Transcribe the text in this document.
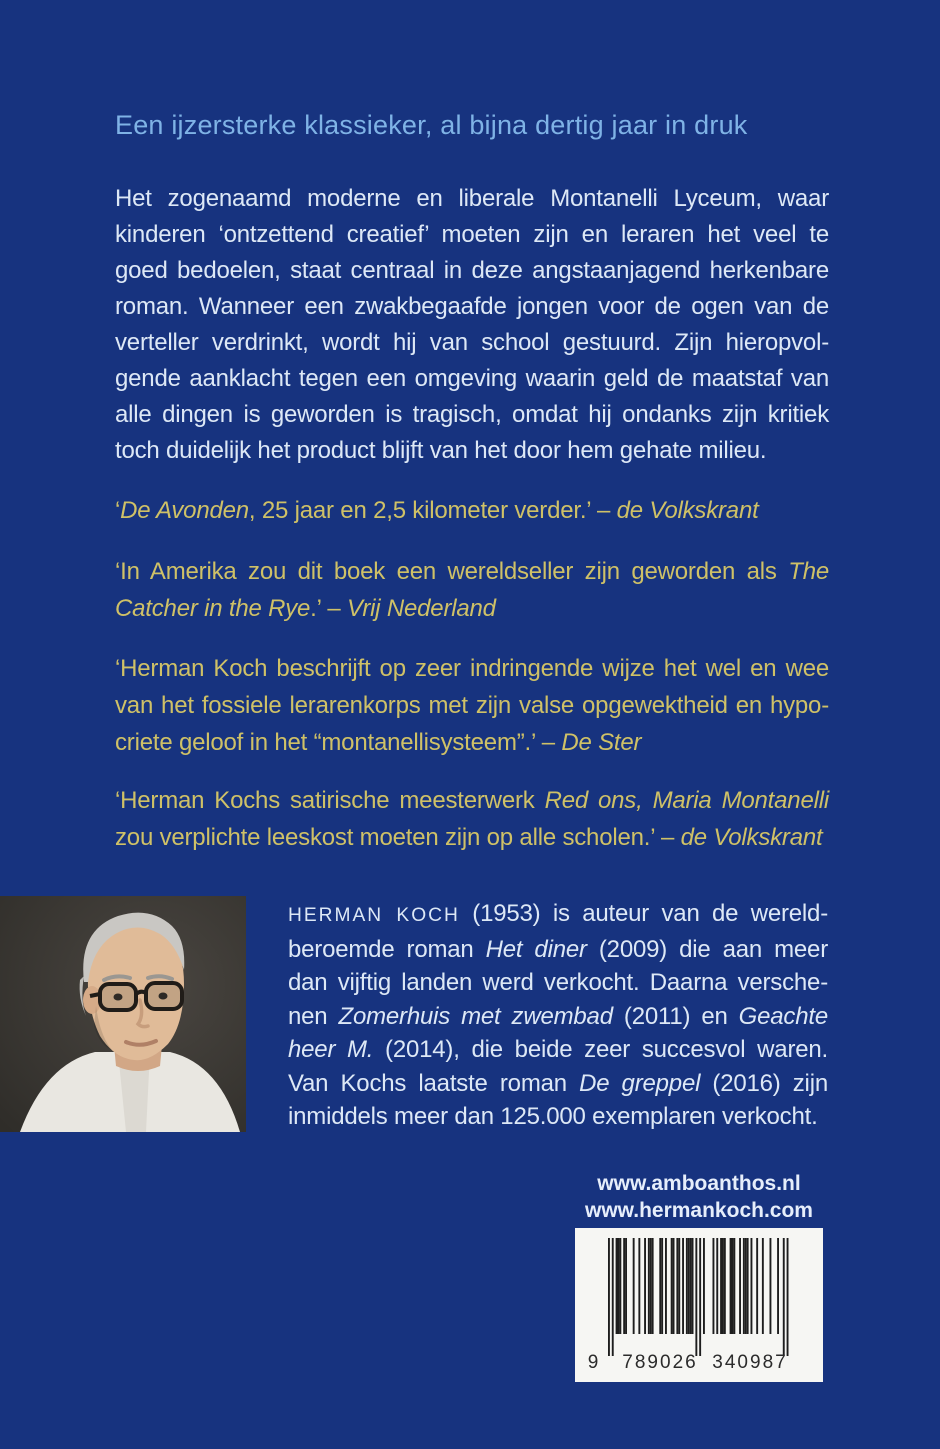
Een ijzersterke klassieker, al bijna dertig jaar in druk
Het zogenaamd moderne en liberale Montanelli Lyceum, waar
kinderen ‘ontzettend creatief’ moeten zijn en leraren het veel te
goed bedoelen, staat centraal in deze angstaanjagend herkenbare
roman. Wanneer een zwakbegaafde jongen voor de ogen van de
verteller verdrinkt, wordt hij van school gestuurd. Zijn hieropvol-
gende aanklacht tegen een omgeving waarin geld de maatstaf van
alle dingen is geworden is tragisch, omdat hij ondanks zijn kritiek
toch duidelijk het product blijft van het door hem gehate milieu.
‘De Avonden, 25 jaar en 2,5 kilometer verder.’ – de Volkskrant
‘In Amerika zou dit boek een wereldseller zijn geworden als The
Catcher in the Rye.’ – Vrij Nederland
‘Herman Koch beschrijft op zeer indringende wijze het wel en wee
van het fossiele lerarenkorps met zijn valse opgewektheid en hypo-
criete geloof in het “montanellisysteem”.’ – De Ster
‘Herman Kochs satirische meesterwerk Red ons, Maria Montanelli
zou verplichte leeskost moeten zijn op alle scholen.’ – de Volkskrant
HERMAN KOCH (1953) is auteur van de wereld-
beroemde roman Het diner (2009) die aan meer
dan vijftig landen werd verkocht. Daarna versche-
nen Zomerhuis met zwembad (2011) en Geachte
heer M. (2014), die beide zeer succesvol waren.
Van Kochs laatste roman De greppel (2016) zijn
inmiddels meer dan 125.000 exemplaren verkocht.
www.amboanthos.nl
www.hermankoch.com
9	789026 340987
